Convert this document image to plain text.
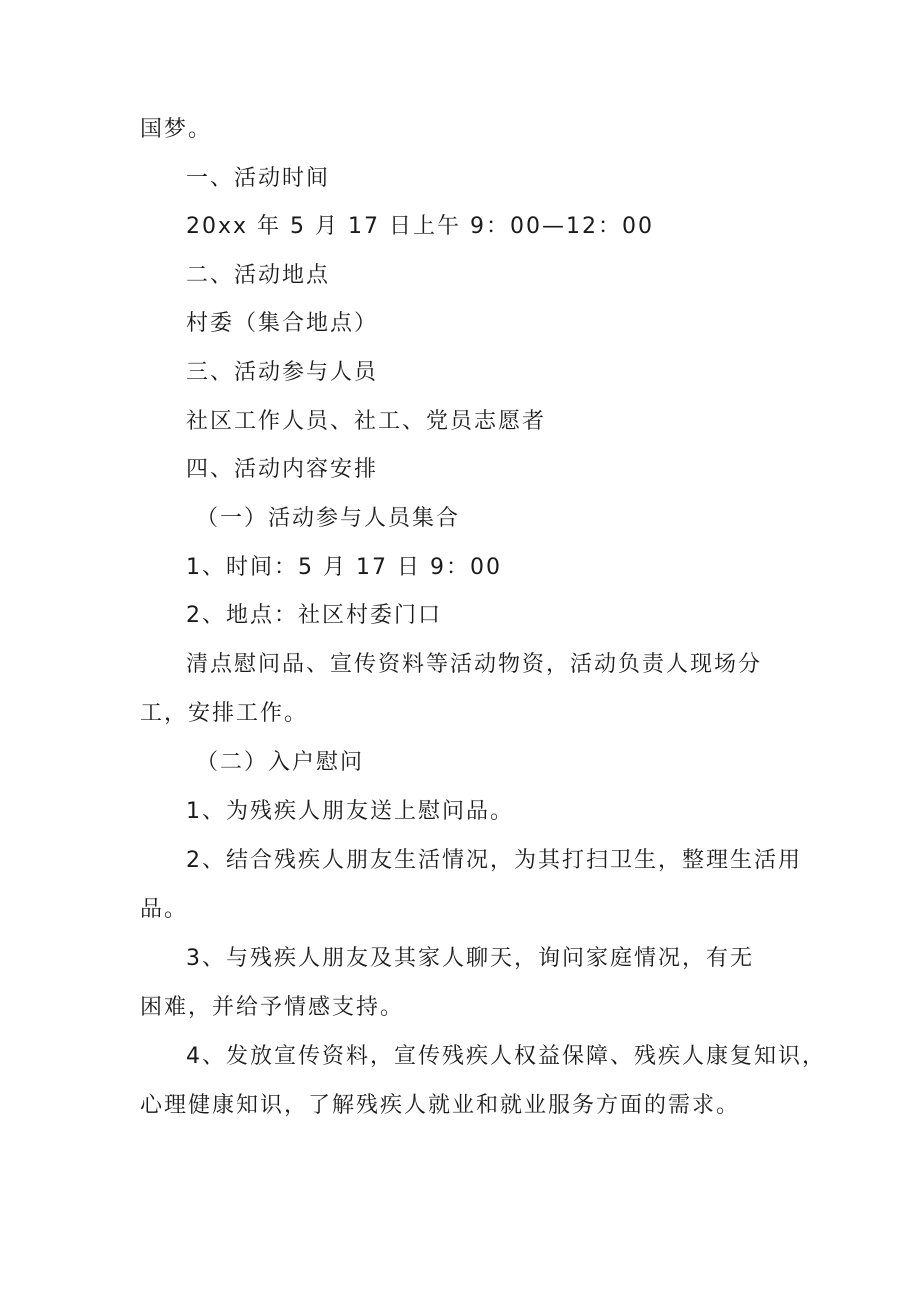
国梦。

一、活动时间

20xx 年 5 月 17 日上午 9：00—12：00

二、活动地点

村委（集合地点）

三、活动参与人员

社区工作人员、社工、党员志愿者

四、活动内容安排

（一）活动参与人员集合

1、时间：5 月 17 日 9：00

2、地点：社区村委门口

清点慰问品、宣传资料等活动物资，活动负责人现场分

工，安排工作。

（二）入户慰问

1、为残疾人朋友送上慰问品。

2、结合残疾人朋友生活情况，为其打扫卫生，整理生活用

品。

3、与残疾人朋友及其家人聊天，询问家庭情况，有无

困难，并给予情感支持。

4、发放宣传资料，宣传残疾人权益保障、残疾人康复知识，

心理健康知识，了解残疾人就业和就业服务方面的需求。
